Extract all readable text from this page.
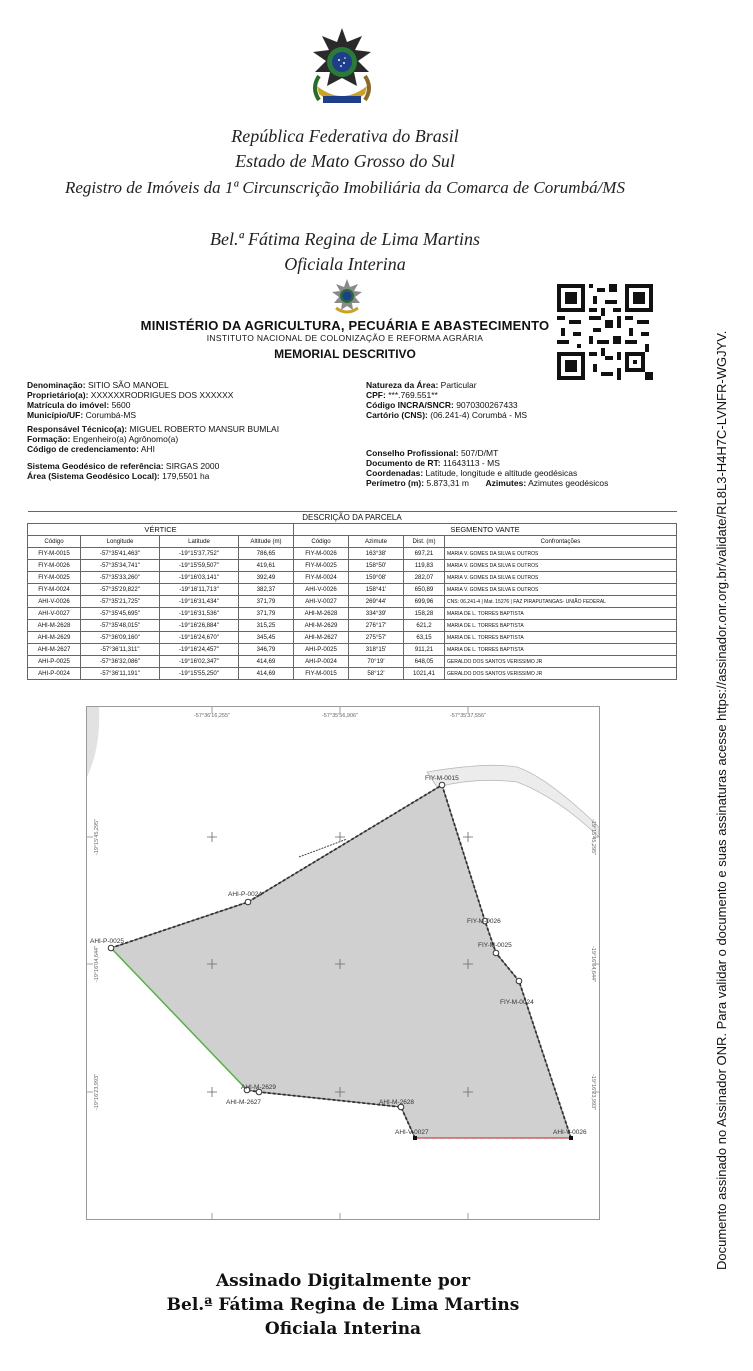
República Federativa do Brasil
Estado de Mato Grosso do Sul
Registro de Imóveis da 1ª Circunscrição Imobiliária da Comarca de Corumbá/MS
Bel.ª Fátima Regina de Lima Martins
Oficiala Interina
MINISTÉRIO DA AGRICULTURA, PECUÁRIA E ABASTECIMENTO
INSTITUTO NACIONAL DE COLONIZAÇÃO E REFORMA AGRÁRIA
MEMORIAL DESCRITIVO
Denominação: SITIO SÃO MANOEL
Proprietário(a): XXXXXXRODRIGUES DOS XXXXXX
Matrícula do imóvel: 5600
Município/UF: Corumbá-MS
Natureza da Área: Particular
CPF: ***.769.551**
Código INCRA/SNCR: 9070300267433
Cartório (CNS): (06.241-4) Corumbá - MS
Responsável Técnico(a): MIGUEL ROBERTO MANSUR BUMLAI
Formação: Engenheiro(a) Agrônomo(a)
Código de credenciamento: AHI
Sistema Geodésico de referência: SIRGAS 2000
Área (Sistema Geodésico Local): 179,5501 ha
Conselho Profissional: 507/D/MT
Documento de RT: 11643113 - MS
Coordenadas: Latitude, longitude e altitude geodésicas
Perímetro (m): 5.873,31 m Azimutes: Azimutes geodésicos
DESCRIÇÃO DA PARCELA							
VÉRTICE				SEGMENTO VANTE			
Código	Longitude	Latitude	Altitude (m)	Código	Azimute	Dist. (m)	Confrontações
FIY-M-0015	-57°35'41,463"	-19°15'37,752"	786,65	FIY-M-0026	163°38'	697,21	MARIA V. GOMES DA SILVA E OUTROS
FIY-M-0026	-57°35'34,741"	-19°15'59,507"	419,61	FIY-M-0025	158°50'	119,83	MARIA V. GOMES DA SILVA E OUTROS
FIY-M-0025	-57°35'33,260"	-19°16'03,141"	392,49	FIY-M-0024	159°08'	282,07	MARIA V. GOMES DA SILVA E OUTROS
FIY-M-0024	-57°35'29,822"	-19°16'11,713"	382,37	AHI-V-0026	158°41'	650,89	MARIA V. GOMES DA SILVA E OUTROS
AHI-V-0026	-57°35'21,725"	-19°16'31,434"	371,79	AHI-V-0027	269°44'	699,96	CNS: 06.241-4 | Mat. 15276 | FAZ PIRAPUTANGAS- UNIÃO FEDERAL
AHI-V-0027	-57°35'45,695"	-19°16'31,536"	371,79	AHI-M-2628	334°39'	158,28	MARIA DE L. TORRES BAPTISTA
AHI-M-2628	-57°35'48,015"	-19°16'26,884"	315,25	AHI-M-2629	276°17'	621,2	MARIA DE L. TORRES BAPTISTA
AHI-M-2629	-57°36'09,160"	-19°16'24,670"	345,45	AHI-M-2627	275°57'	63,15	MARIA DE L. TORRES BAPTISTA
AHI-M-2627	-57°36'11,311"	-19°16'24,457"	346,79	AHI-P-0025	318°15'	911,21	MARIA DE L. TORRES BAPTISTA
AHI-P-0025	-57°36'32,086"	-19°16'02,347"	414,69	AHI-P-0024	70°19'	648,05	GERALDO DOS SANTOS VERISSIMO JR
AHI-P-0024	-57°36'11,191"	-19°15'55,250"	414,69	FIY-M-0015	58°12'	1021,41	GERALDO DOS SANTOS VERISSIMO JR
-57°36'16,255"	-57°35'56,906"	-57°35'37,556"
-19°15'45,295"
-19°16'04,644"
-19°16'23,993"
-19°15'45,295"
-19°16'04,644"
-19°16'23,993"
FIY-M-0015
FIY-M-0026
FIY-M-0025
FIY-M-0024
AHI-V-0026
AHI-V-0027
AHI-M-2628
AHI-M-2629
AHI-M-2627
AHI-P-0025
AHI-P-0024
Assinado Digitalmente por
Bel.ª Fátima Regina de Lima Martins
Oficiala Interina
Documento assinado no Assinador ONR. Para validar o documento e suas assinaturas acesse https://assinador.onr.org.br/validate/RL8L3-H4H7C-LVNFR-WGJYV.
